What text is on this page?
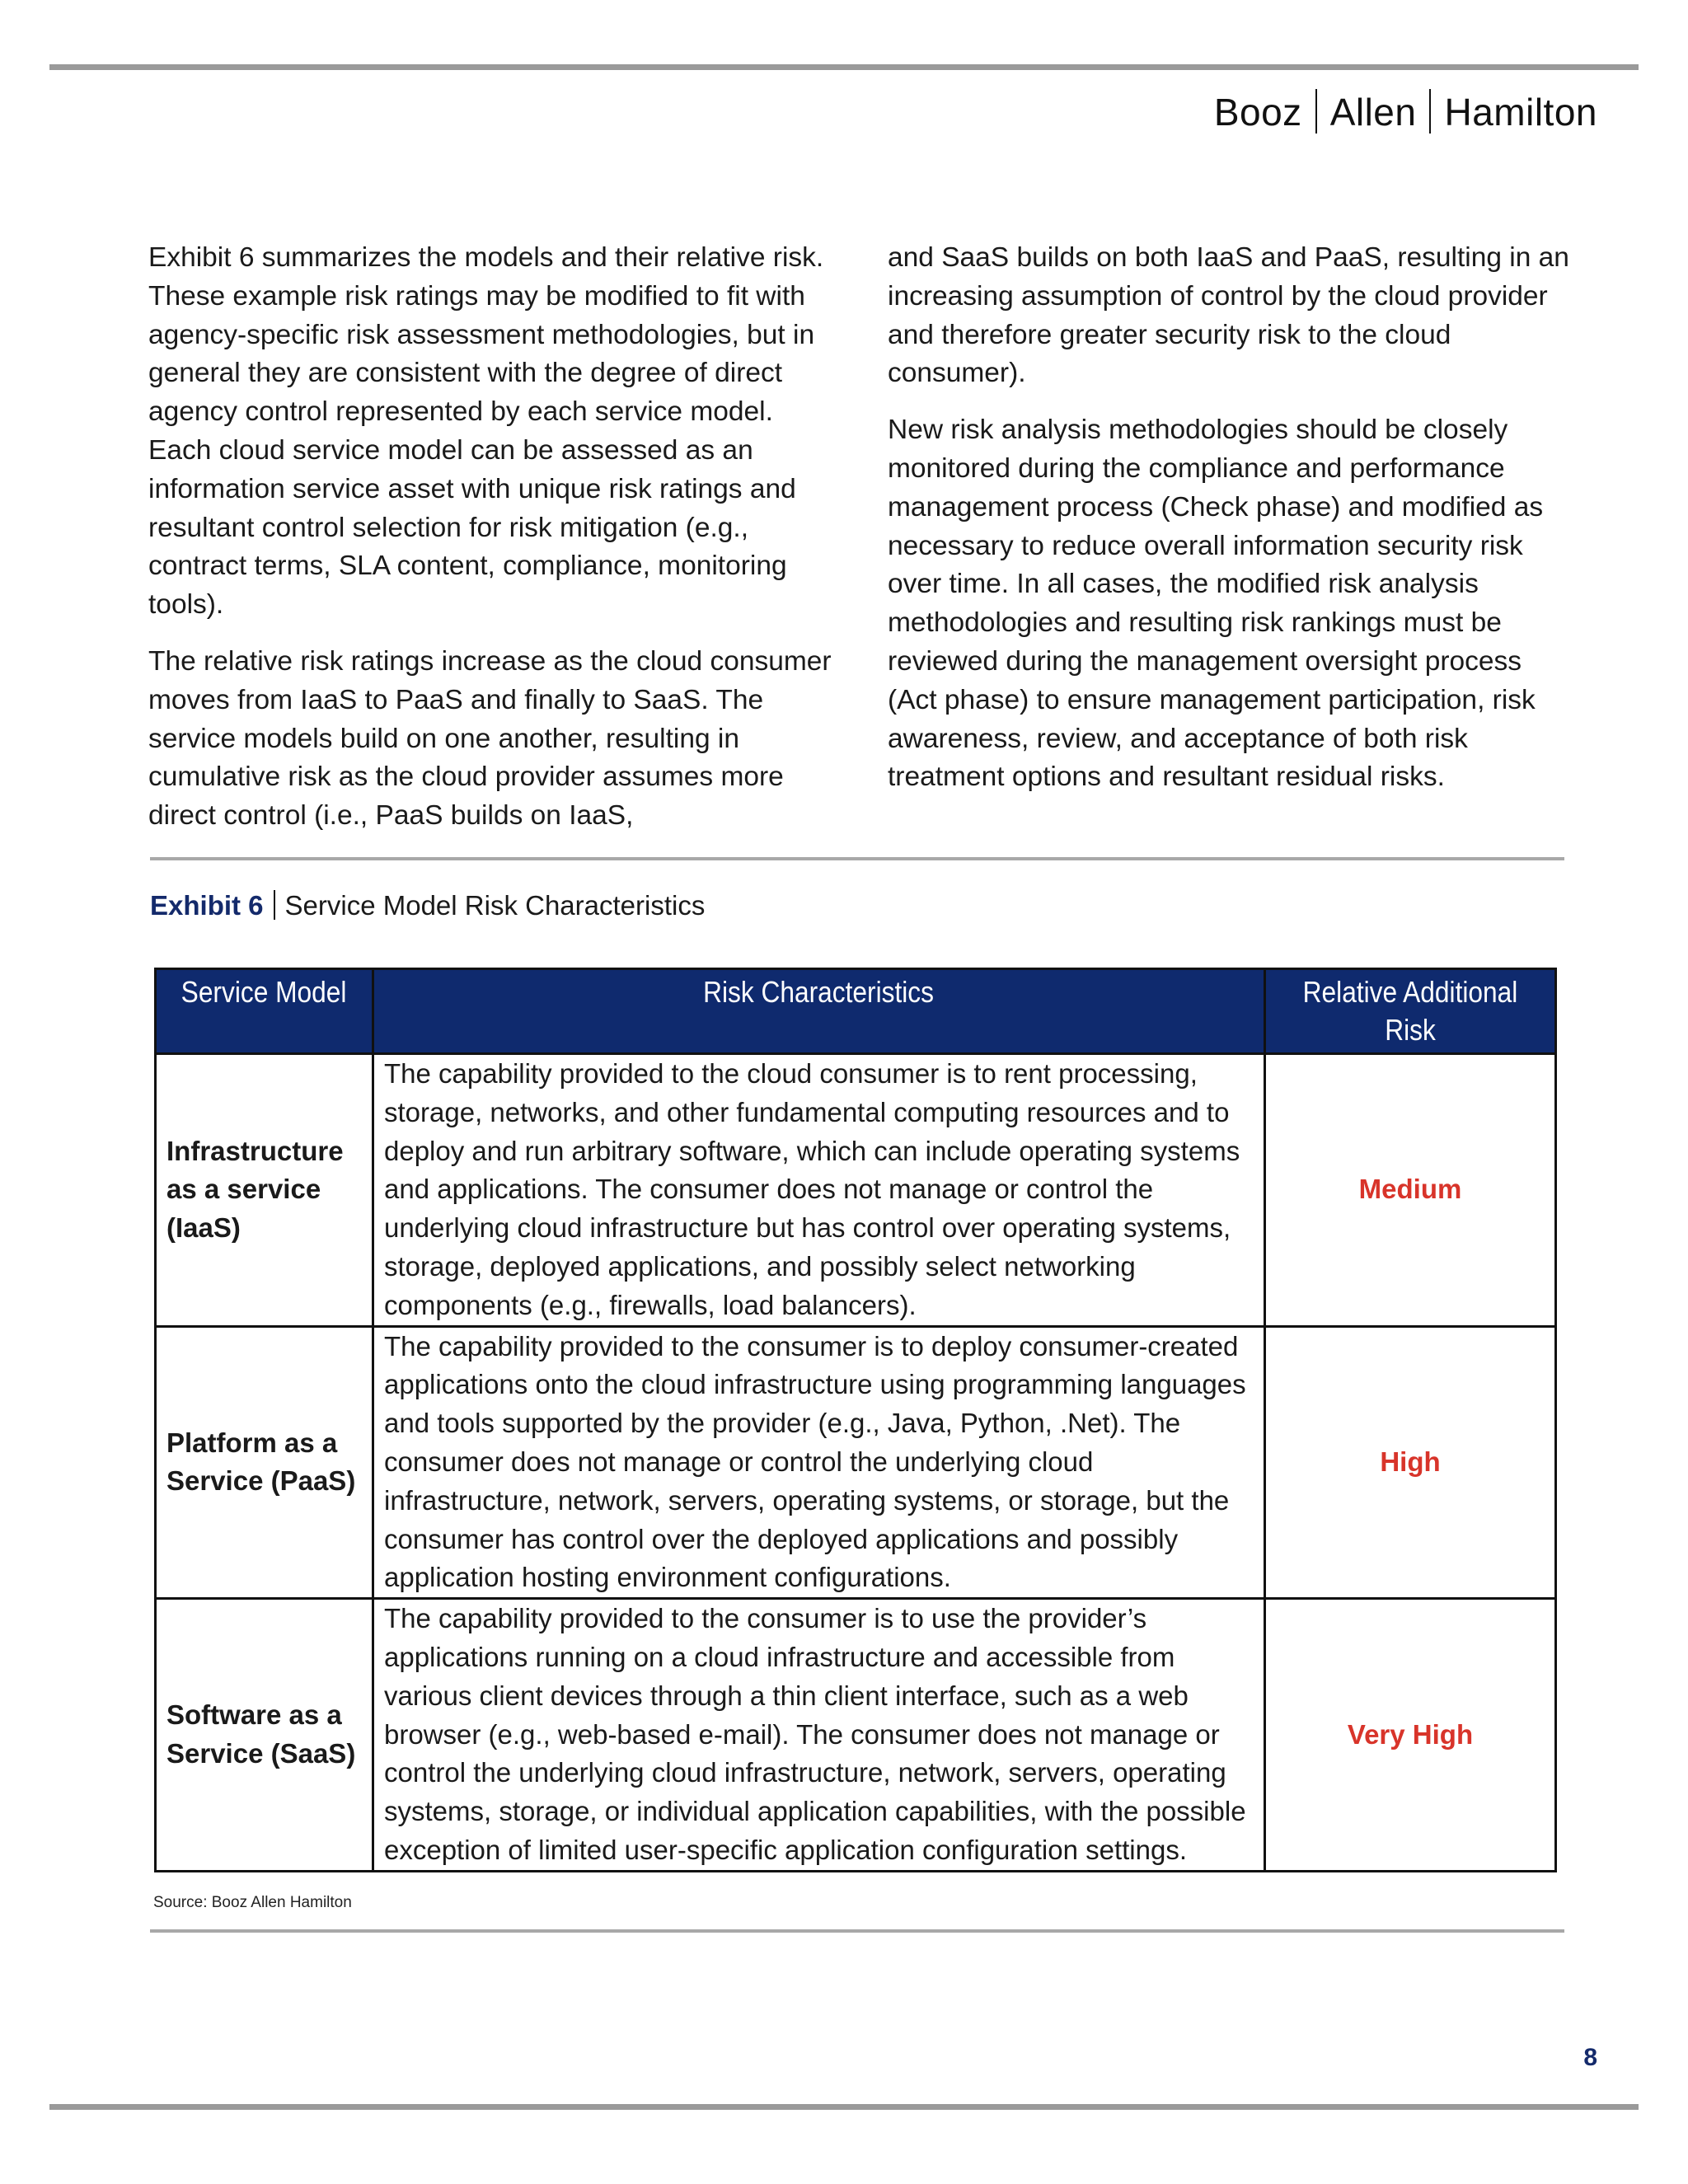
Booz Allen Hamilton

Exhibit 6 summarizes the models and their relative risk. These example risk ratings may be modified to fit with agency-specific risk assessment methodologies, but in general they are consistent with the degree of direct agency control represented by each service model. Each cloud service model can be assessed as an information service asset with unique risk ratings and resultant control selection for risk mitigation (e.g., contract terms, SLA content, compliance, monitoring tools).

The relative risk ratings increase as the cloud consumer moves from IaaS to PaaS and finally to SaaS. The service models build on one another, resulting in cumulative risk as the cloud provider assumes more direct control (i.e., PaaS builds on IaaS,

and SaaS builds on both IaaS and PaaS, resulting in an increasing assumption of control by the cloud provider and therefore greater security risk to the cloud consumer).

New risk analysis methodologies should be closely monitored during the compliance and performance management process (Check phase) and modified as necessary to reduce overall information security risk over time. In all cases, the modified risk analysis methodologies and resulting risk rankings must be reviewed during the management oversight process (Act phase) to ensure management participation, risk awareness, review, and acceptance of both risk treatment options and resultant residual risks.

Exhibit 6 Service Model Risk Characteristics
Service Model	Risk Characteristics	Relative Additional Risk
Infrastructure as a service (IaaS)	The capability provided to the cloud consumer is to rent processing, storage, networks, and other fundamental computing resources and to deploy and run arbitrary software, which can include operating systems and applications. The consumer does not manage or control the underlying cloud infrastructure but has control over operating systems, storage, deployed applications, and possibly select networking components (e.g., firewalls, load balancers).	Medium
Platform as a Service (PaaS)	The capability provided to the consumer is to deploy consumer-created applications onto the cloud infrastructure using programming languages and tools supported by the provider (e.g., Java, Python, .Net). The consumer does not manage or control the underlying cloud infrastructure, network, servers, operating systems, or storage, but the consumer has control over the deployed applications and possibly application hosting environment configurations.	High
Software as a Service (SaaS)	The capability provided to the consumer is to use the provider’s applications running on a cloud infrastructure and accessible from various client devices through a thin client interface, such as a web browser (e.g., web-based e-mail). The consumer does not manage or control the underlying cloud infrastructure, network, servers, operating systems, storage, or individual application capabilities, with the possible exception of limited user-specific application configuration settings.	Very High
Source: Booz Allen Hamilton
8
